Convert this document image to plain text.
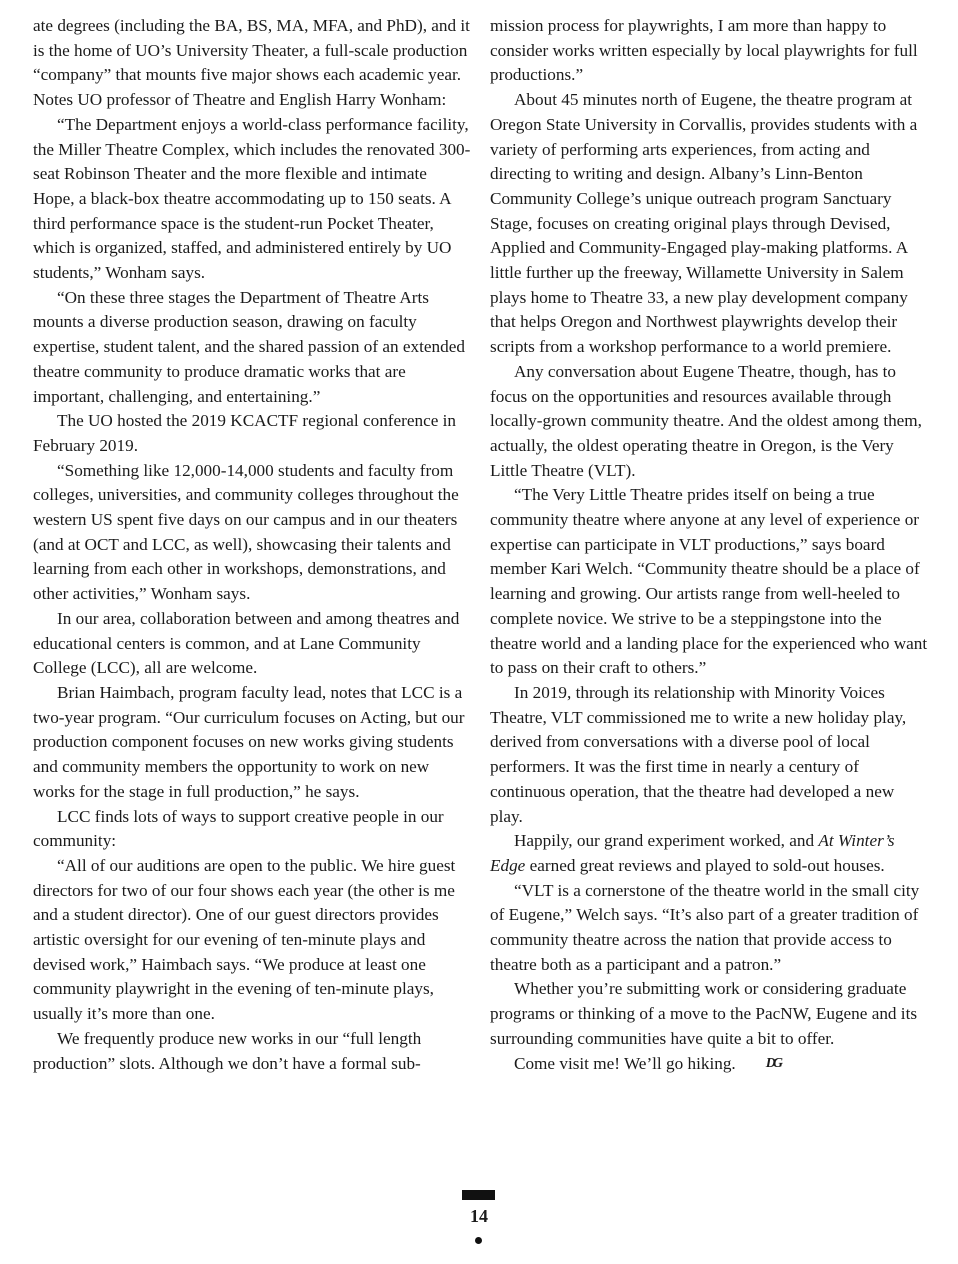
ate degrees (including the BA, BS, MA, MFA, and PhD), and it is the home of UO’s University Theater, a full-scale production “company” that mounts five major shows each academic year. Notes UO professor of Theatre and English Harry Wonham:

“The Department enjoys a world-class performance facility, the Miller Theatre Complex, which includes the renovated 300-seat Robinson Theater and the more flexible and intimate Hope, a black-box theatre accommodating up to 150 seats. A third performance space is the student-run Pocket Theater, which is organized, staffed, and administered entirely by UO students,” Wonham says.

“On these three stages the Department of Theatre Arts mounts a diverse production season, drawing on faculty expertise, student talent, and the shared passion of an extended theatre community to produce dramatic works that are important, challenging, and entertaining.”

The UO hosted the 2019 KCACTF regional conference in February 2019.

“Something like 12,000-14,000 students and faculty from colleges, universities, and community colleges throughout the western US spent five days on our campus and in our theaters (and at OCT and LCC, as well), showcasing their talents and learning from each other in workshops, demonstrations, and other activities,” Wonham says.

In our area, collaboration between and among theatres and educational centers is common, and at Lane Community College (LCC), all are welcome.

Brian Haimbach, program faculty lead, notes that LCC is a two-year program. “Our curriculum focuses on Acting, but our production component focuses on new works giving students and community members the opportunity to work on new works for the stage in full production,” he says.

LCC finds lots of ways to support creative people in our community:

“All of our auditions are open to the public. We hire guest directors for two of our four shows each year (the other is me and a student director). One of our guest directors provides artistic oversight for our evening of ten-minute plays and devised work,” Haimbach says. “We produce at least one community playwright in the evening of ten-minute plays, usually it’s more than one.

We frequently produce new works in our “full length production” slots. Although we don’t have a formal sub-

mission process for playwrights, I am more than happy to consider works written especially by local playwrights for full productions.”

About 45 minutes north of Eugene, the theatre program at Oregon State University in Corvallis, provides students with a variety of performing arts experiences, from acting and directing to writing and design. Albany’s Linn-Benton Community College’s unique outreach program Sanctuary Stage, focuses on creating original plays through Devised, Applied and Community-Engaged play-making platforms. A little further up the freeway, Willamette University in Salem plays home to Theatre 33, a new play development company that helps Oregon and Northwest playwrights develop their scripts from a workshop performance to a world premiere.

Any conversation about Eugene Theatre, though, has to focus on the opportunities and resources available through locally-grown community theatre. And the oldest among them, actually, the oldest operating theatre in Oregon, is the Very Little Theatre (VLT).

“The Very Little Theatre prides itself on being a true community theatre where anyone at any level of experience or expertise can participate in VLT productions,” says board member Kari Welch. “Community theatre should be a place of learning and growing. Our artists range from well-heeled to complete novice. We strive to be a steppingstone into the theatre world and a landing place for the experienced who want to pass on their craft to others.”

In 2019, through its relationship with Minority Voices Theatre, VLT commissioned me to write a new holiday play, derived from conversations with a diverse pool of local performers. It was the first time in nearly a century of continuous operation, that the theatre had developed a new play.

Happily, our grand experiment worked, and At Winter’s Edge earned great reviews and played to sold-out houses.

“VLT is a cornerstone of the theatre world in the small city of Eugene,” Welch says. “It’s also part of a greater tradition of community theatre across the nation that provide access to theatre both as a participant and a patron.”

Whether you’re submitting work or considering graduate programs or thinking of a move to the PacNW, Eugene and its surrounding communities have quite a bit to offer.

Come visit me! We’ll go hiking. DG

14
